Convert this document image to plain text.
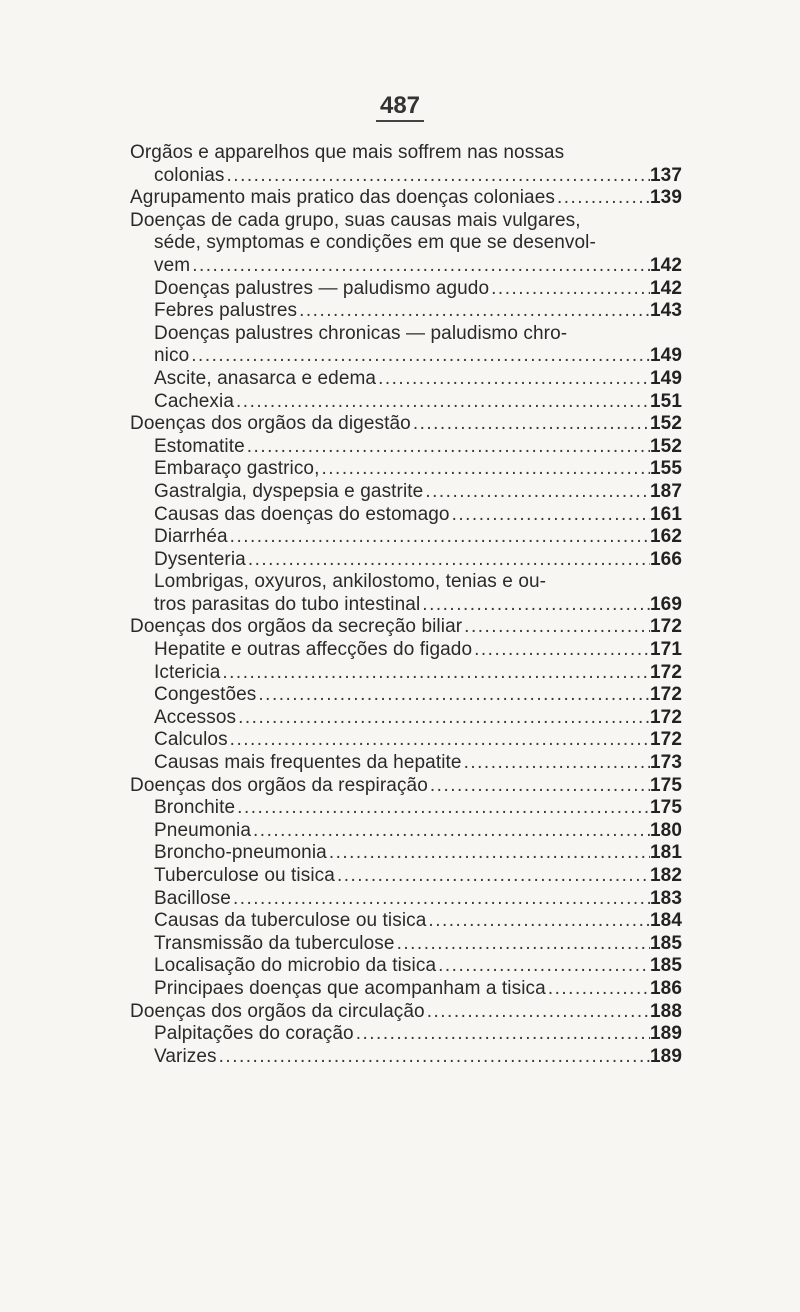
487
Orgãos e apparelhos que mais soffrem nas nossas
colonias .....	137
Agrupamento mais pratico das doenças coloniaes .....	139
Doenças de cada grupo, suas causas mais vulgares,
séde, symptomas e condições em que se desenvol-
vem .....	142
Doenças palustres — paludismo agudo .....	142
Febres palustres .....	143
Doenças palustres chronicas — paludismo chro-
nico .....	149
Ascite, anasarca e edema .....	149
Cachexia .....	151
Doenças dos orgãos da digestão .....	152
Estomatite .....	152
Embaraço gastrico, .....	155
Gastralgia, dyspepsia e gastrite .....	187
Causas das doenças do estomago .....	161
Diarrhéa .....	162
Dysenteria .....	166
Lombrigas, oxyuros, ankilostomo, tenias e ou-
tros parasitas do tubo intestinal .....	169
Doenças dos orgãos da secreção biliar .....	172
Hepatite e outras affecções do figado .....	171
Ictericia .....	172
Congestões .....	172
Accessos .....	172
Calculos .....	172
Causas mais frequentes da hepatite .....	173
Doenças dos orgãos da respiração .....	175
Bronchite .....	175
Pneumonia .....	180
Broncho-pneumonia .....	181
Tuberculose ou tisica .....	182
Bacillose .....	183
Causas da tuberculose ou tisica .....	184
Transmissão da tuberculose .....	185
Localisação do microbio da tisica .....	185
Principaes doenças que acompanham a tisica .....	186
Doenças dos orgãos da circulação .....	188
Palpitações do coração .....	189
Varizes .....	189
